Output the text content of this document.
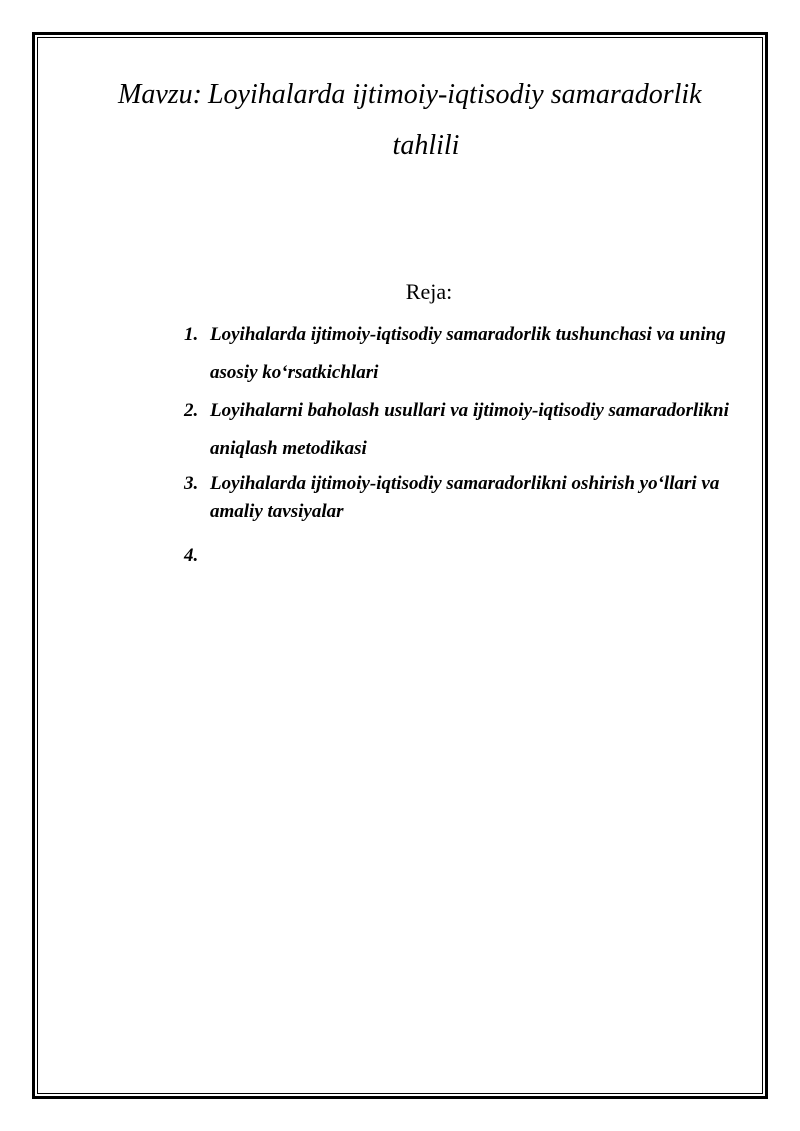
Mavzu: Loyihalarda ijtimoiy-iqtisodiy samaradorlik
tahlili
Reja:
1. Loyihalarda ijtimoiy-iqtisodiy samaradorlik tushunchasi va uning asosiy ko‘rsatkichlari
2. Loyihalarni baholash usullari va ijtimoiy-iqtisodiy samaradorlikni aniqlash metodikasi
3. Loyihalarda ijtimoiy-iqtisodiy samaradorlikni oshirish yo‘llari va amaliy tavsiyalar
4.
